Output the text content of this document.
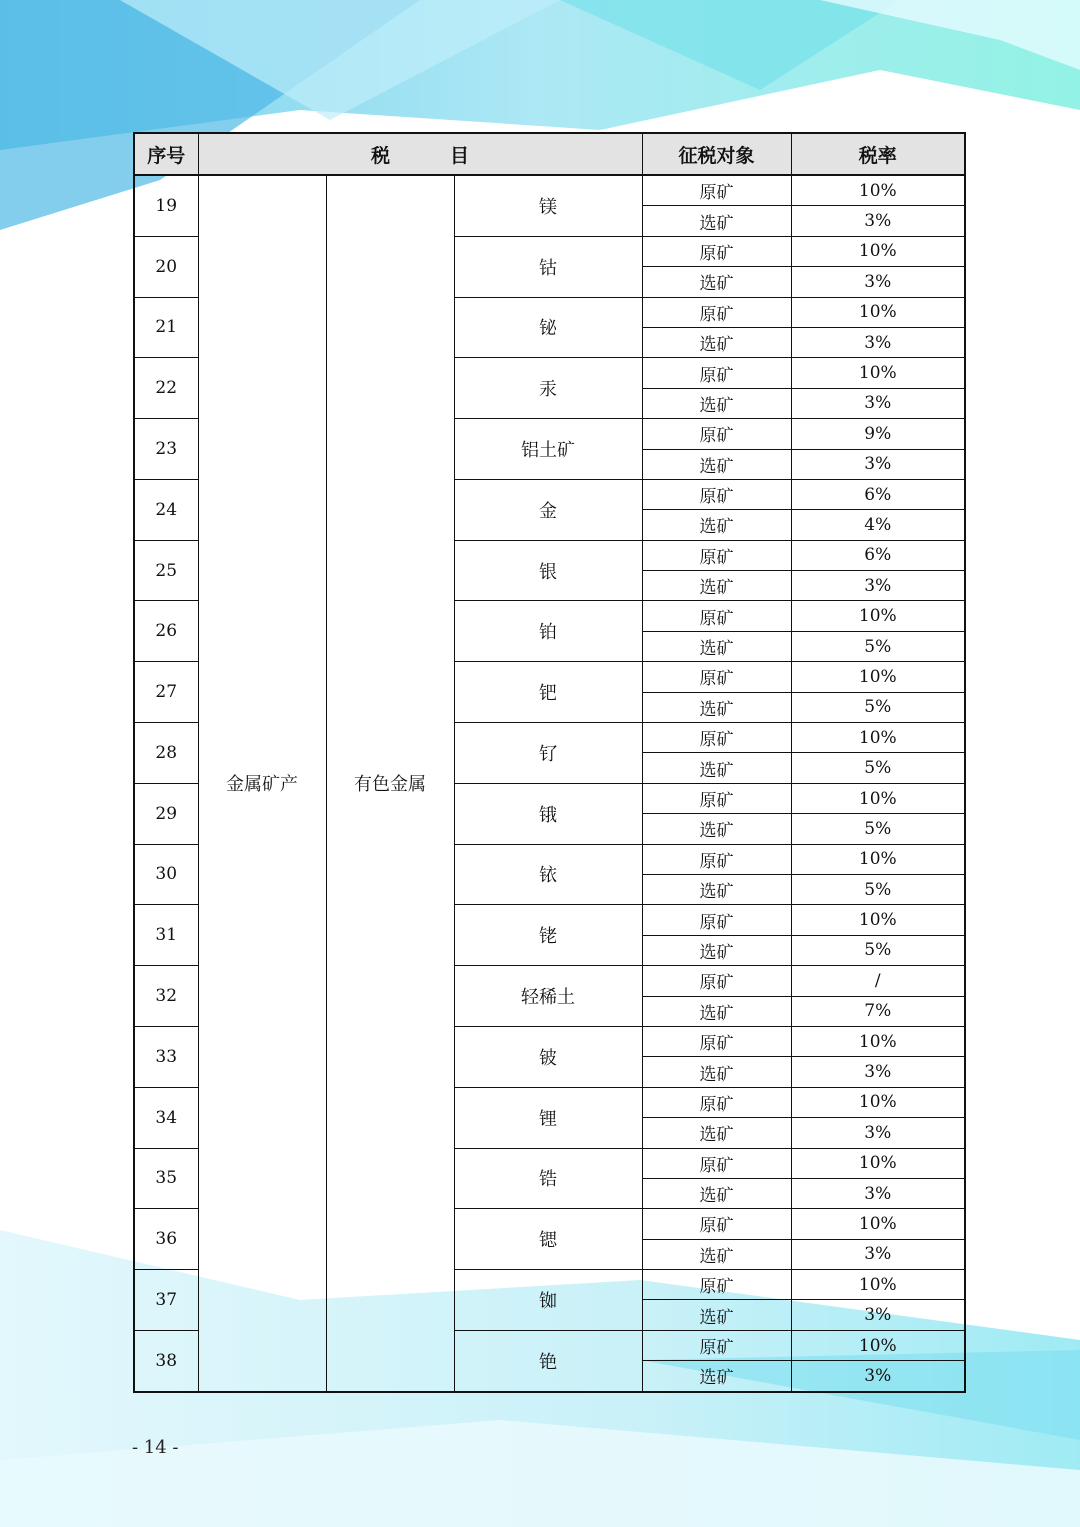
序号	税 目			征税对象	税率
19	金属矿产	有色金属	镁	原矿	10%
				选矿	3%
20			钴	原矿	10%
				选矿	3%
21			铋	原矿	10%
				选矿	3%
22			汞	原矿	10%
				选矿	3%
23			铝土矿	原矿	9%
				选矿	3%
24			金	原矿	6%
				选矿	4%
25			银	原矿	6%
				选矿	3%
26			铂	原矿	10%
				选矿	5%
27			钯	原矿	10%
				选矿	5%
28			钌	原矿	10%
				选矿	5%
29			锇	原矿	10%
				选矿	5%
30			铱	原矿	10%
				选矿	5%
31			铑	原矿	10%
				选矿	5%
32			轻稀土	原矿	/
				选矿	7%
33			铍	原矿	10%
				选矿	3%
34			锂	原矿	10%
				选矿	3%
35			锆	原矿	10%
				选矿	3%
36			锶	原矿	10%
				选矿	3%
37			铷	原矿	10%
				选矿	3%
38			铯	原矿	10%
				选矿	3%
- 14 -
